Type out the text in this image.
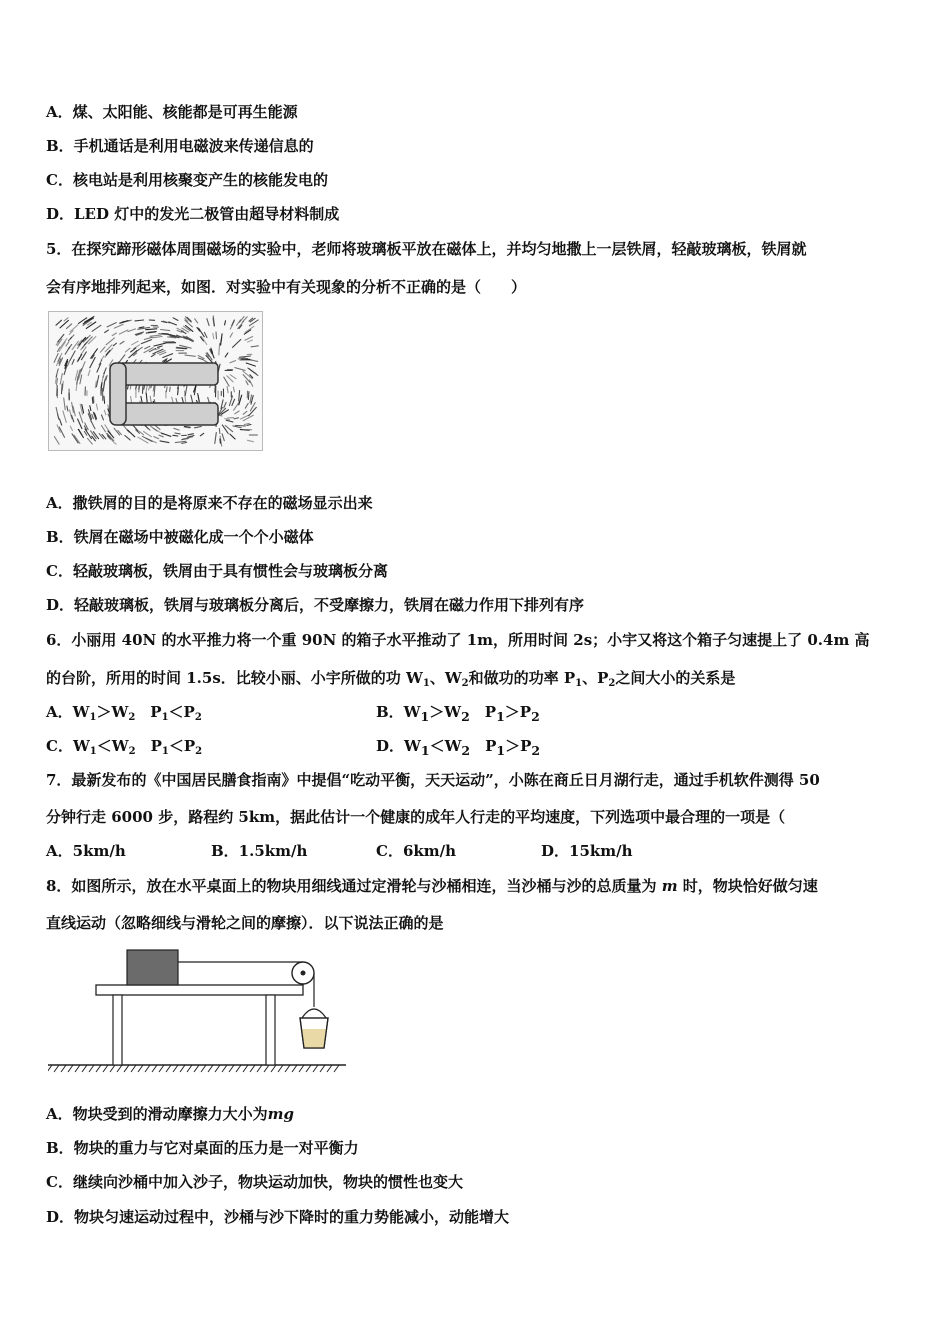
A．煤、太阳能、核能都是可再生能源
B．手机通话是利用电磁波来传递信息的
C．核电站是利用核聚变产生的核能发电的
D．LED 灯中的发光二极管由超导材料制成
5．在探究蹄形磁体周围磁场的实验中，老师将玻璃板平放在磁体上，并均匀地撒上一层铁屑，轻敲玻璃板，铁屑就
会有序地排列起来，如图．对实验中有关现象的分析不正确的是（　　）
A．撒铁屑的目的是将原来不存在的磁场显示出来
B．铁屑在磁场中被磁化成一个个小磁体
C．轻敲玻璃板，铁屑由于具有惯性会与玻璃板分离
D．轻敲玻璃板，铁屑与玻璃板分离后，不受摩擦力，铁屑在磁力作用下排列有序
6．小丽用 40N 的水平推力将一个重 90N 的箱子水平推动了 1m，所用时间 2s；小宇又将这个箱子匀速提上了 0.4m 高
的台阶，所用的时间 1.5s．比较小丽、小宇所做的功 $W_1$、$W_2$和做功的功率 $P_1$、$P_2$之间大小的关系是
A．$W_1>W_2$　$P_1<P_2$	B．$W_1>W_2$　$P_1>P_2$
C．$W_1<W_2$　$P_1<P_2$	D．$W_1<W_2$　$P_1>P_2$
7．最新发布的《中国居民膳食指南》中提倡“吃动平衡，天天运动”，小陈在商丘日月湖行走，通过手机软件测得 50
分钟行走 6000 步，路程约 5km，据此估计一个健康的成年人行走的平均速度，下列选项中最合理的一项是（
A．5km/h	B．1.5km/h	C．6km/h	D．15km/h
8．如图所示，放在水平桌面上的物块用细线通过定滑轮与沙桶相连，当沙桶与沙的总质量为 m 时，物块恰好做匀速
直线运动（忽略细线与滑轮之间的摩擦）．以下说法正确的是
A．物块受到的滑动摩擦力大小为mg
B．物块的重力与它对桌面的压力是一对平衡力
C．继续向沙桶中加入沙子，物块运动加快，物块的惯性也变大
D．物块匀速运动过程中，沙桶与沙下降时的重力势能减小，动能增大
